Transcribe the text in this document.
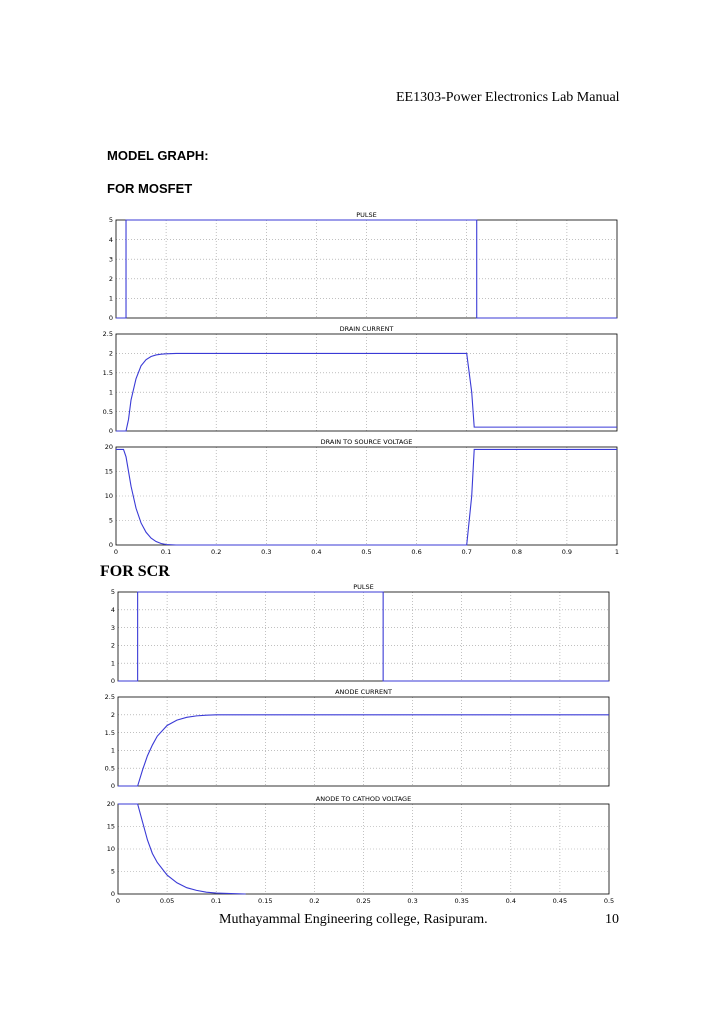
EE1303-Power Electronics Lab Manual
MODEL GRAPH:
FOR MOSFET
FOR SCR
PULSE
0
1
2
3
4
5
DRAIN CURRENT
0
0.5
1
1.5
2
2.5
DRAIN TO SOURCE VOLTAGE
0
5
10
15
20
0	0.1	0.2	0.3	0.4	0.5	0.6	0.7	0.8	0.9	1
PULSE
0
1
2
3
4
5
ANODE CURRENT
0
0.5
1
1.5
2
2.5
ANODE TO CATHOD VOLTAGE
0
5
10
15
20
0	0.05	0.1	0.15	0.2	0.25	0.3	0.35	0.4	0.45	0.5
Muthayammal Engineering college, Rasipuram.	10
